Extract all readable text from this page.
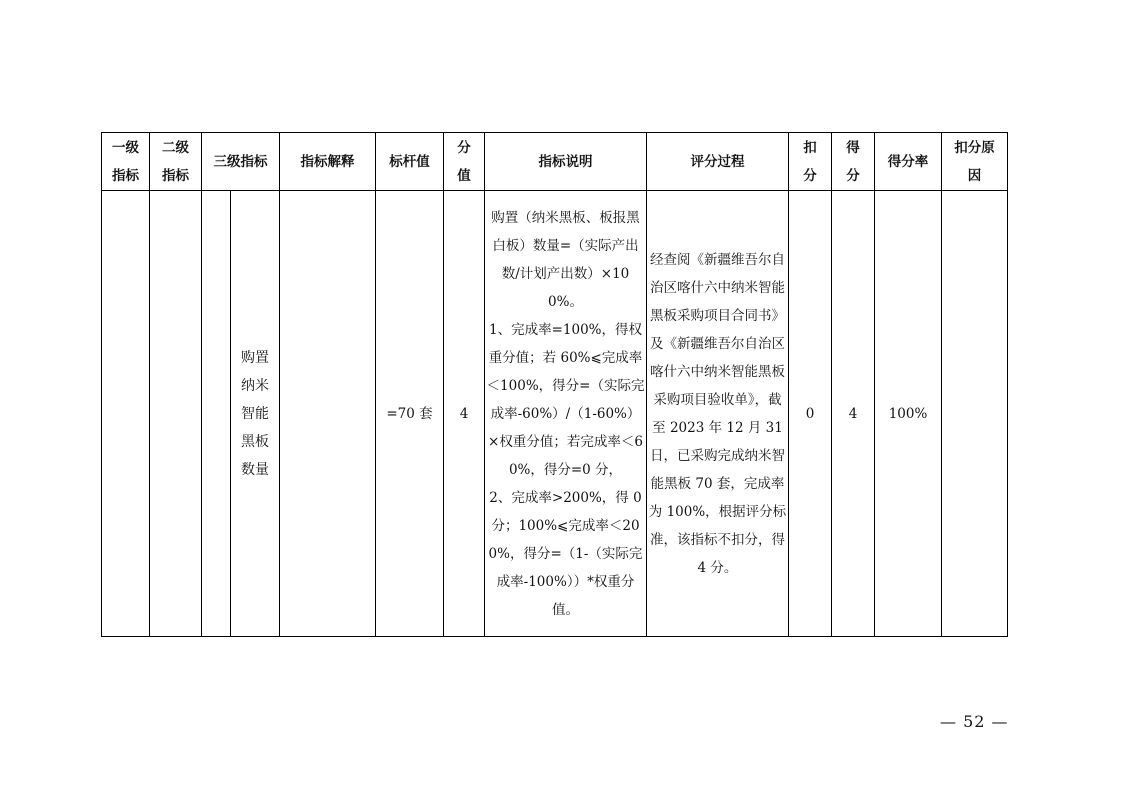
一级指标	二级指标	三级指标		指标解释	标杆值	分值	指标说明	评分过程	扣分	得分	得分率	扣分原因

			购置纳米智能黑板数量		=70 套	4	购置（纳米黑板、板报黑白板）数量=（实际产出数/计划产出数）×100%。
1、完成率=100%，得权重分值；若 60%⩽完成率＜100%，得分=（实际完成率-60%）/（1-60%）×权重分值；若完成率＜60%，得分=0 分，
2、完成率>200%，得 0 分；100%⩽完成率＜200%，得分=（1-（实际完成率-100%））*权重分值。	经查阅《新疆维吾尔自治区喀什六中纳米智能黑板采购项目合同书》及《新疆维吾尔自治区喀什六中纳米智能黑板采购项目验收单》，截至 2023 年 12 月 31 日，已采购完成纳米智能黑板 70 套，完成率为 100%，根据评分标准，该指标不扣分，得 4 分。	0	4	100%	
— 52 —
